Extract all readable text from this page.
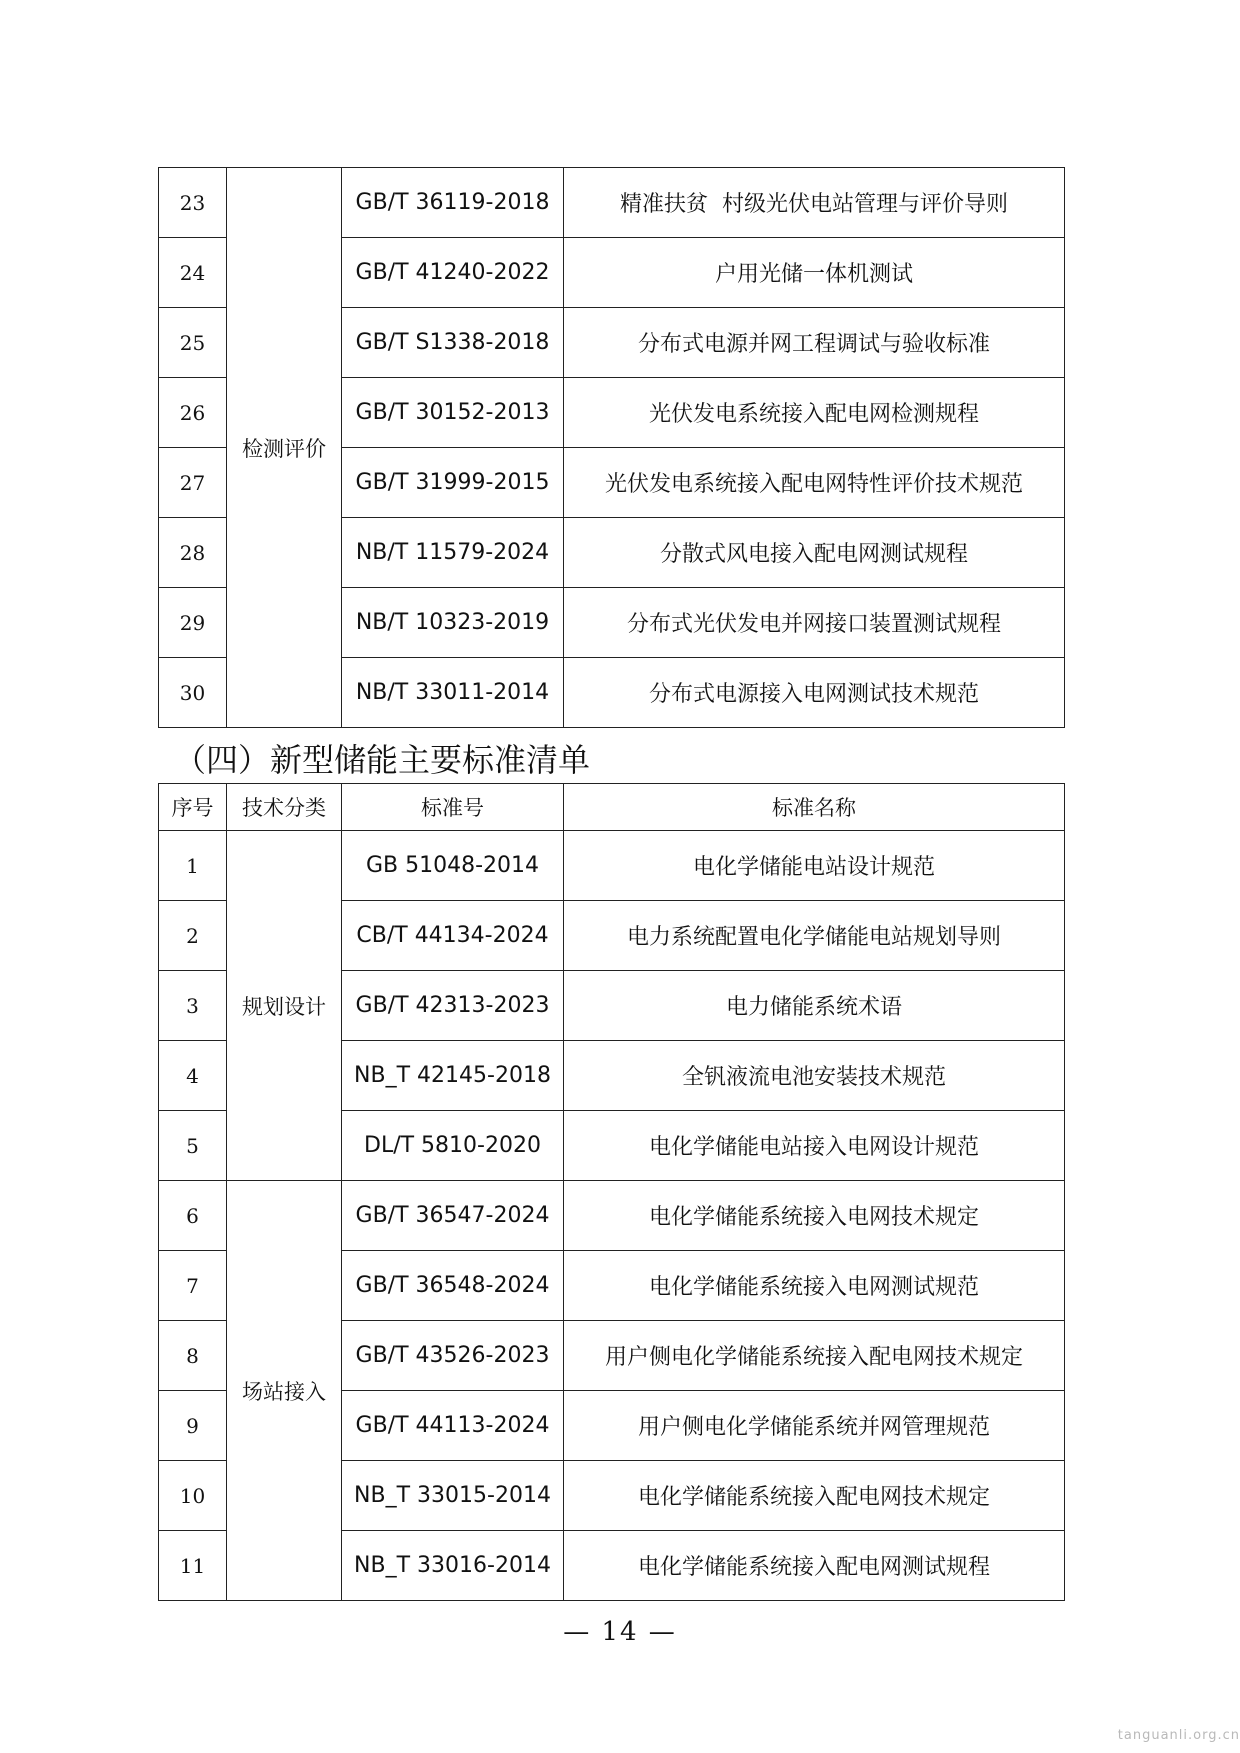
23	检测评价	GB/T 36119-2018	精准扶贫  村级光伏电站管理与评价导则
24		GB/T 41240-2022	户用光储一体机测试
25		GB/T S1338-2018	分布式电源并网工程调试与验收标准
26		GB/T 30152-2013	光伏发电系统接入配电网检测规程
27		GB/T 31999-2015	光伏发电系统接入配电网特性评价技术规范
28		NB/T 11579-2024	分散式风电接入配电网测试规程
29		NB/T 10323-2019	分布式光伏发电并网接口装置测试规程
30		NB/T 33011-2014	分布式电源接入电网测试技术规范
（四）新型储能主要标准清单
序号	技术分类	标准号	标准名称
1	规划设计	GB 51048-2014	电化学储能电站设计规范
2		CB/T 44134-2024	电力系统配置电化学储能电站规划导则
3		GB/T 42313-2023	电力储能系统术语
4		NB_T 42145-2018	全钒液流电池安装技术规范
5		DL/T 5810-2020	电化学储能电站接入电网设计规范
6	场站接入	GB/T 36547-2024	电化学储能系统接入电网技术规定
7		GB/T 36548-2024	电化学储能系统接入电网测试规范
8		GB/T 43526-2023	用户侧电化学储能系统接入配电网技术规定
9		GB/T 44113-2024	用户侧电化学储能系统并网管理规范
10		NB_T 33015-2014	电化学储能系统接入配电网技术规定
11		NB_T 33016-2014	电化学储能系统接入配电网测试规程
— 14 —
tanguanli.org.cn
